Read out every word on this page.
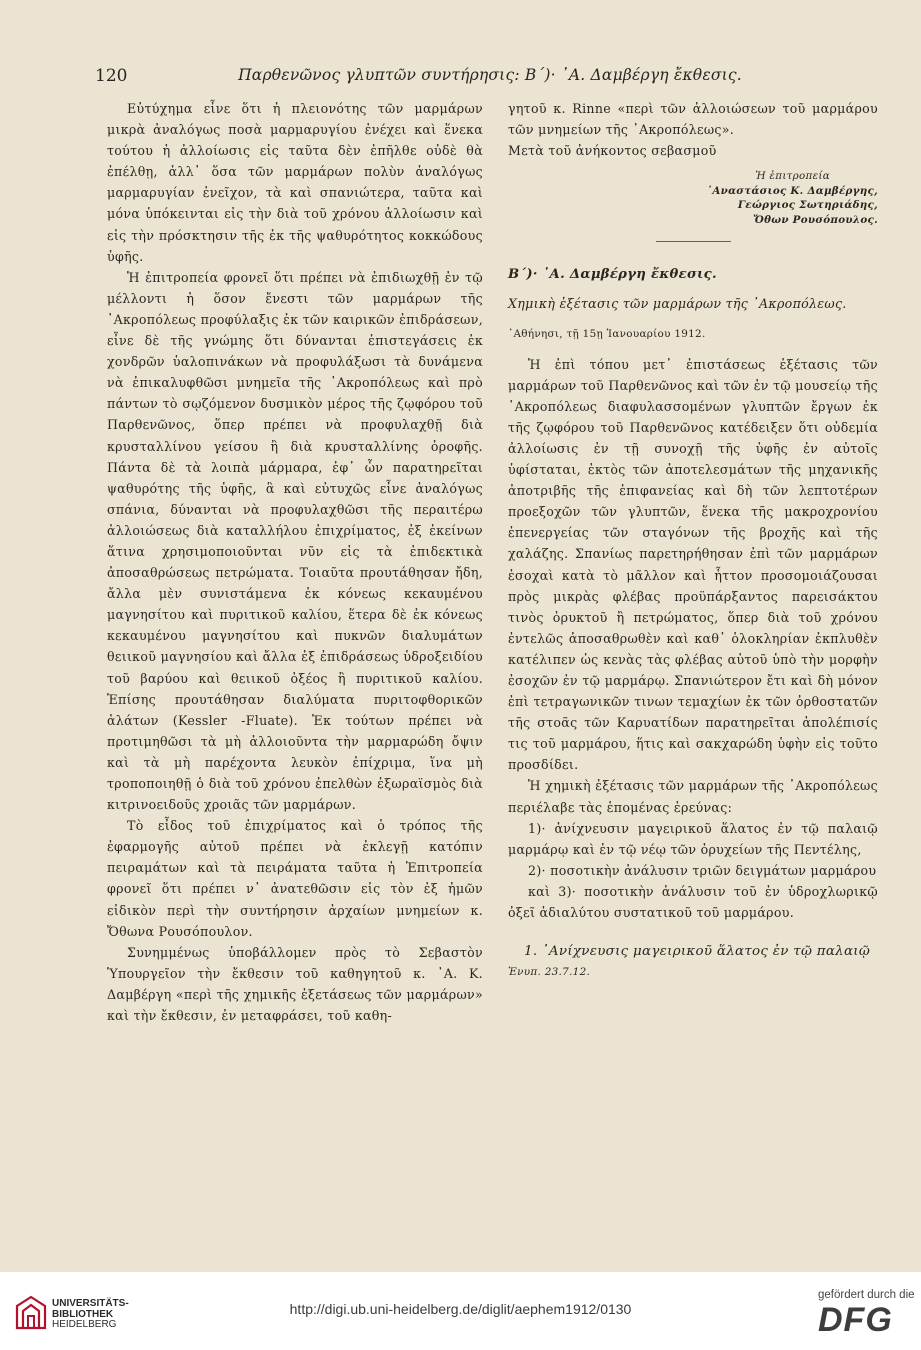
120	Παρθενῶνος γλυπτῶν συντήρησις: Β΄)· ᾿Α. Δαμβέργη ἔκθεσις.

Εὐτύχημα εἶνε ὅτι ἡ πλειονότης τῶν μαρμάρων μικρὰ ἀναλόγως ποσὰ μαρμαρυγίου ἐνέχει καὶ ἕνεκα τούτου ἡ ἀλλοίωσις εἰς ταῦτα δὲν ἐπῆλθε οὐδὲ θὰ ἐπέλθῃ, ἀλλ᾿ ὅσα τῶν μαρμάρων πολὺν ἀναλόγως μαρμαρυγίαν ἐνεῖχον, τὰ καὶ σπανιώτερα, ταῦτα καὶ μόνα ὑπόκεινται εἰς τὴν διὰ τοῦ χρόνου ἀλλοίωσιν καὶ εἰς τὴν πρόσκτησιν τῆς ἐκ τῆς ψαθυρότητος κοκκώδους ὑφῆς.

Ἡ ἐπιτροπεία φρονεῖ ὅτι πρέπει νὰ ἐπιδιωχθῇ ἐν τῷ μέλλοντι ἡ ὅσον ἔνεστι τῶν μαρμάρων τῆς ᾿Ακροπόλεως προφύλαξις ἐκ τῶν καιρικῶν ἐπιδράσεων, εἶνε δὲ τῆς γνώμης ὅτι δύνανται ἐπιστεγάσεις ἐκ χονδρῶν ὑαλοπινάκων νὰ προφυλάξωσι τὰ δυνάμενα νὰ ἐπικαλυφθῶσι μνημεῖα τῆς ᾿Ακροπόλεως καὶ πρὸ πάντων τὸ σῳζόμενον δυσμικὸν μέρος τῆς ζῳφόρου τοῦ Παρθενῶνος, ὅπερ πρέπει νὰ προφυλαχθῇ διὰ κρυσταλλίνου γείσου ἢ διὰ κρυσταλλίνης ὀροφῆς. Πάντα δὲ τὰ λοιπὰ μάρμαρα, ἐφ᾿ ὧν παρατηρεῖται ψαθυρότης τῆς ὑφῆς, ἃ καὶ εὐτυχῶς εἶνε ἀναλόγως σπάνια, δύνανται νὰ προφυλαχθῶσι τῆς περαιτέρω ἀλλοιώσεως διὰ καταλλήλου ἐπιχρίματος, ἐξ ἐκείνων ἅτινα χρησιμοποιοῦνται νῦν εἰς τὰ ἐπιδεκτικὰ ἀποσαθρώσεως πετρώματα. Τοιαῦτα προυτάθησαν ἤδη, ἄλλα μὲν συνιστάμενα ἐκ κόνεως κεκαυμένου μαγνησίτου καὶ πυριτικοῦ καλίου, ἕτερα δὲ ἐκ κόνεως κεκαυμένου μαγνησίτου καὶ πυκνῶν διαλυμάτων θειικοῦ μαγνησίου καὶ ἄλλα ἐξ ἐπιδράσεως ὑδροξειδίου τοῦ βαρύου καὶ θειικοῦ ὀξέος ἢ πυριτικοῦ καλίου. Ἐπίσης προυτάθησαν διαλύματα πυριτοφθορικῶν ἁλάτων (Kessler -Fluate). Ἐκ τούτων πρέπει νὰ προτιμηθῶσι τὰ μὴ ἀλλοιοῦντα τὴν μαρμαρώδη ὄψιν καὶ τὰ μὴ παρέχοντα λευκὸν ἐπίχριμα, ἵνα μὴ τροποποιηθῇ ὁ διὰ τοῦ χρόνου ἐπελθὼν ἐξωραϊσμὸς διὰ κιτρινοειδοῦς χροιᾶς τῶν μαρμάρων.

Τὸ εἶδος τοῦ ἐπιχρίματος καὶ ὁ τρόπος τῆς ἐφαρμογῆς αὐτοῦ πρέπει νὰ ἐκλεγῇ κατόπιν πειραμάτων καὶ τὰ πειράματα ταῦτα ἡ Ἐπιτροπεία φρονεῖ ὅτι πρέπει ν᾿ ἀνατεθῶσιν εἰς τὸν ἐξ ἡμῶν εἰδικὸν περὶ τὴν συντήρησιν ἀρχαίων μνημείων κ. Ὄθωνα Ρουσόπουλον.

Συνημμένως ὑποβάλλομεν πρὸς τὸ Σεβαστὸν Ὑπουργεῖον τὴν ἔκθεσιν τοῦ καθηγητοῦ κ. ᾿Α. Κ. Δαμβέργη «περὶ τῆς χημικῆς ἐξετάσεως τῶν μαρμάρων» καὶ τὴν ἔκθεσιν, ἐν μεταφράσει, τοῦ καθη-

γητοῦ κ. Rinne «περὶ τῶν ἀλλοιώσεων τοῦ μαρμάρου τῶν μνημείων τῆς ᾿Ακροπόλεως».

Μετὰ τοῦ ἀνήκοντος σεβασμοῦ

Ἡ ἐπιτροπεία
᾿Αναστάσιος Κ. Δαμβέργης,
Γεώργιος Σωτηριάδης,
Ὄθων Ρουσόπουλος.

Β΄)· ᾿Α. Δαμβέργη ἔκθεσις.

Χημικὴ ἐξέτασις τῶν μαρμάρων τῆς ᾿Ακροπόλεως.

᾿Αθήνησι, τῇ 15ῃ Ἰανουαρίου 1912.

Ἡ ἐπὶ τόπου μετ᾿ ἐπιστάσεως ἐξέτασις τῶν μαρμάρων τοῦ Παρθενῶνος καὶ τῶν ἐν τῷ μουσείῳ τῆς ᾿Ακροπόλεως διαφυλασσομένων γλυπτῶν ἔργων ἐκ τῆς ζῳφόρου τοῦ Παρθενῶνος κατέδειξεν ὅτι οὐδεμία ἀλλοίωσις ἐν τῇ συνοχῇ τῆς ὑφῆς ἐν αὐτοῖς ὑφίσταται, ἐκτὸς τῶν ἀποτελεσμάτων τῆς μηχανικῆς ἀποτριβῆς τῆς ἐπιφανείας καὶ δὴ τῶν λεπτοτέρων προεξοχῶν τῶν γλυπτῶν, ἕνεκα τῆς μακροχρονίου ἐπενεργείας τῶν σταγόνων τῆς βροχῆς καὶ τῆς χαλάζης. Σπανίως παρετηρήθησαν ἐπὶ τῶν μαρμάρων ἐσοχαὶ κατὰ τὸ μᾶλλον καὶ ἧττον προσομοιάζουσαι πρὸς μικρὰς φλέβας προϋπάρξαντος παρεισάκτου τινὸς ὀρυκτοῦ ἢ πετρώματος, ὅπερ διὰ τοῦ χρόνου ἐντελῶς ἀποσαθρωθὲν καὶ καθ᾿ ὁλοκληρίαν ἐκπλυθὲν κατέλιπεν ὡς κενὰς τὰς φλέβας αὐτοῦ ὑπὸ τὴν μορφὴν ἐσοχῶν ἐν τῷ μαρμάρῳ. Σπανιώτερον ἔτι καὶ δὴ μόνον ἐπὶ τετραγωνικῶν τινων τεμαχίων ἐκ τῶν ὀρθοστατῶν τῆς στοᾶς τῶν Καρυατίδων παρατηρεῖται ἀπολέπισίς τις τοῦ μαρμάρου, ἥτις καὶ σακχαρώδη ὑφὴν εἰς τοῦτο προσδίδει.

Ἡ χημικὴ ἐξέτασις τῶν μαρμάρων τῆς ᾿Ακροπόλεως περιέλαβε τὰς ἑπομένας ἐρεύνας:

1)· ἀνίχνευσιν μαγειρικοῦ ἅλατος ἐν τῷ παλαιῷ μαρμάρῳ καὶ ἐν τῷ νέῳ τῶν ὀρυχείων τῆς Πεντέλης,

2)· ποσοτικὴν ἀνάλυσιν τριῶν δειγμάτων μαρμάρου

καὶ 3)· ποσοτικὴν ἀνάλυσιν τοῦ ἐν ὑδροχλωρικῷ ὀξεῖ ἀδιαλύτου συστατικοῦ τοῦ μαρμάρου.

1. ᾿Ανίχνευσις μαγειρικοῦ ἅλατος ἐν τῷ παλαιῷ

Ἐνυπ. 23.7.12.

UNIVERSITÄTS-
BIBLIOTHEK
HEIDELBERG
http://digi.ub.uni-heidelberg.de/diglit/aephem1912/0130
gefördert durch die
DFG
